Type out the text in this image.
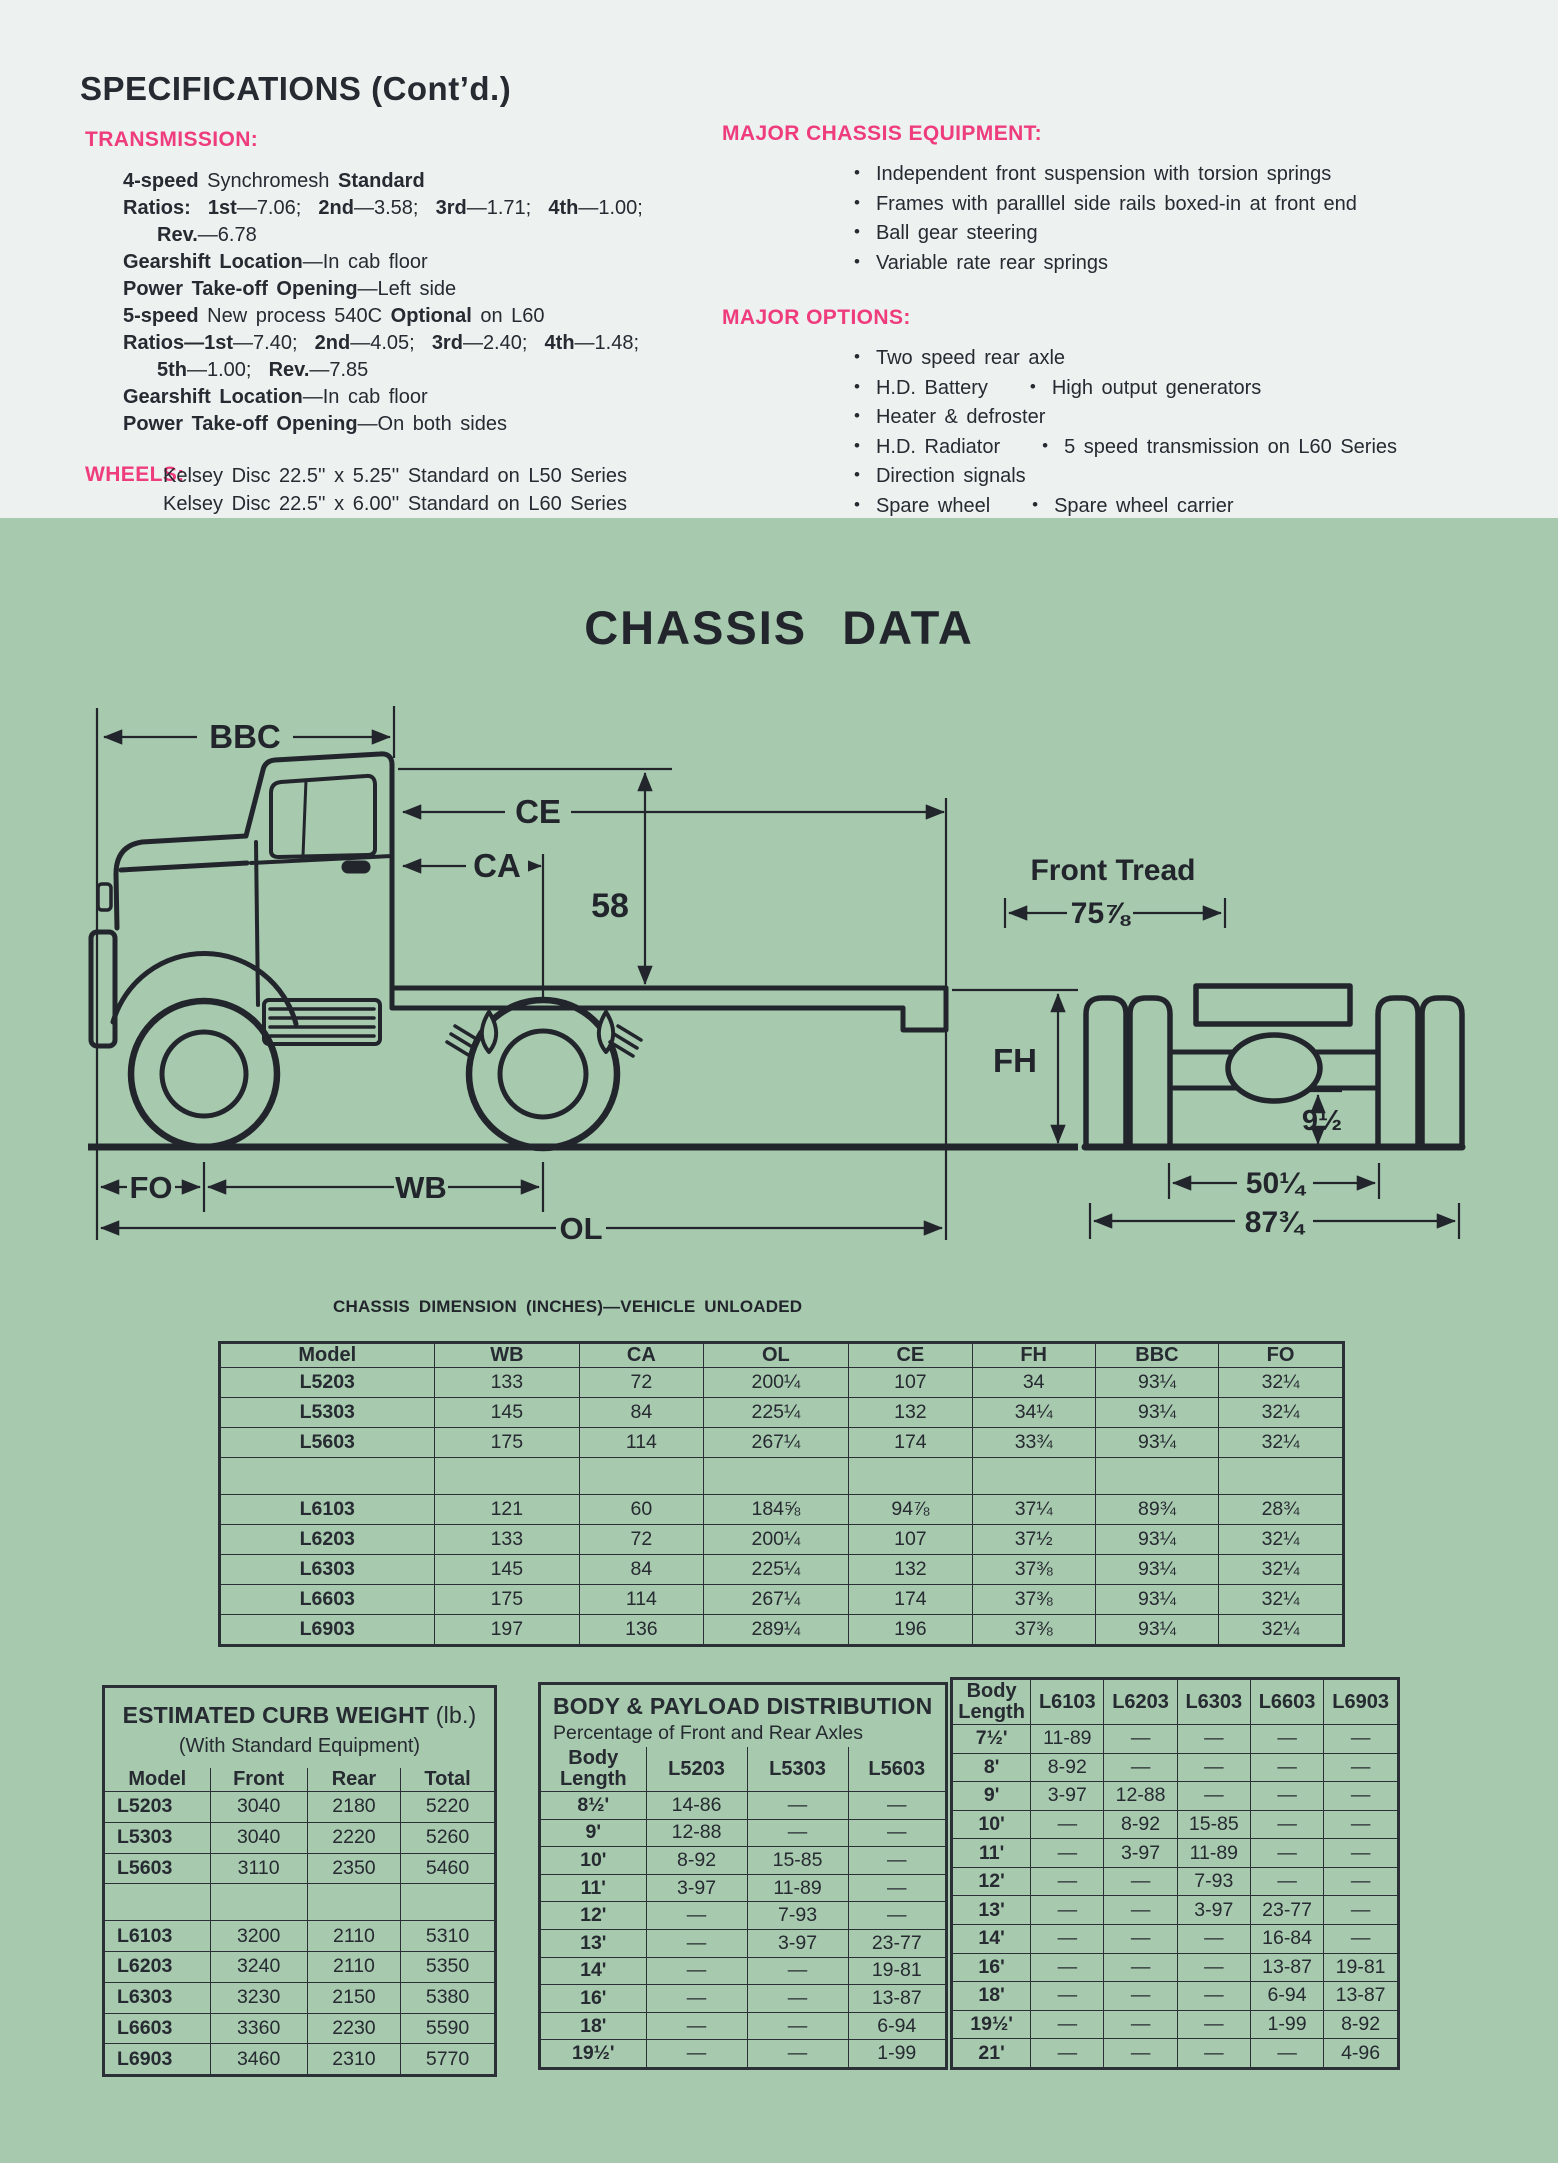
SPECIFICATIONS (Cont’d.)
TRANSMISSION:
4-speed Synchromesh Standard
Ratios:  1st—7.06;  2nd—3.58;  3rd—1.71;  4th—1.00;
Rev.—6.78
Gearshift Location—In cab floor
Power Take-off Opening—Left side
5-speed New process 540C Optional on L60
Ratios—1st—7.40;  2nd—4.05;  3rd—2.40;  4th—1.48;
5th—1.00;  Rev.—7.85
Gearshift Location—In cab floor
Power Take-off Opening—On both sides
WHEELS:
Kelsey Disc 22.5'' x 5.25'' Standard on L50 Series
Kelsey Disc 22.5'' x 6.00'' Standard on L60 Series
MAJOR CHASSIS EQUIPMENT:
• Independent front suspension with torsion springs
• Frames with paralllel side rails boxed-in at front end
• Ball gear steering
• Variable rate rear springs
MAJOR OPTIONS:
• Two speed rear axle
• H.D. Battery • High output generators
• Heater & defroster
• H.D. Radiator • 5 speed transmission on L60 Series
• Direction signals
• Spare wheel • Spare wheel carrier
CHASSIS DATA
BBC
CE
CA
58
FH
FO	WB
OL
Front Tread
75⅞
9½
50¼
87¾
CHASSIS DIMENSION (INCHES)—VEHICLE UNLOADED
Model	WB	CA	OL	CE	FH	BBC	FO
L5203	133	72	200¼	107	34	93¼	32¼
L5303	145	84	225¼	132	34¼	93¼	32¼
L5603	175	114	267¼	174	33¾	93¼	32¼

L6103	121	60	184⅝	94⅞	37¼	89¾	28¾
L6203	133	72	200¼	107	37½	93¼	32¼
L6303	145	84	225¼	132	37⅜	93¼	32¼
L6603	175	114	267¼	174	37⅜	93¼	32¼
L6903	197	136	289¼	196	37⅜	93¼	32¼
ESTIMATED CURB WEIGHT (lb.)
(With Standard Equipment)
Model	Front	Rear	Total
L5203	3040	2180	5220
L5303	3040	2220	5260
L5603	3110	2350	5460

L6103	3200	2110	5310
L6203	3240	2110	5350
L6303	3230	2150	5380
L6603	3360	2230	5590
L6903	3460	2310	5770
BODY & PAYLOAD DISTRIBUTION
Percentage of Front and Rear Axles
Body Length	L5203	L5303	L5603
8½'	14-86	—	—
9'	12-88	—	—
10'	8-92	15-85	—
11'	3-97	11-89	—
12'	—	7-93	—
13'	—	3-97	23-77
14'	—	—	19-81
16'	—	—	13-87
18'	—	—	6-94
19½'	—	—	1-99
Body Length	L6103	L6203	L6303	L6603	L6903
7½'	11-89	—	—	—	—
8'	8-92	—	—	—	—
9'	3-97	12-88	—	—	—
10'	—	8-92	15-85	—	—
11'	—	3-97	11-89	—	—
12'	—	—	7-93	—	—
13'	—	—	3-97	23-77	—
14'	—	—	—	16-84	—
16'	—	—	—	13-87	19-81
18'	—	—	—	6-94	13-87
19½'	—	—	—	1-99	8-92
21'	—	—	—	—	4-96
